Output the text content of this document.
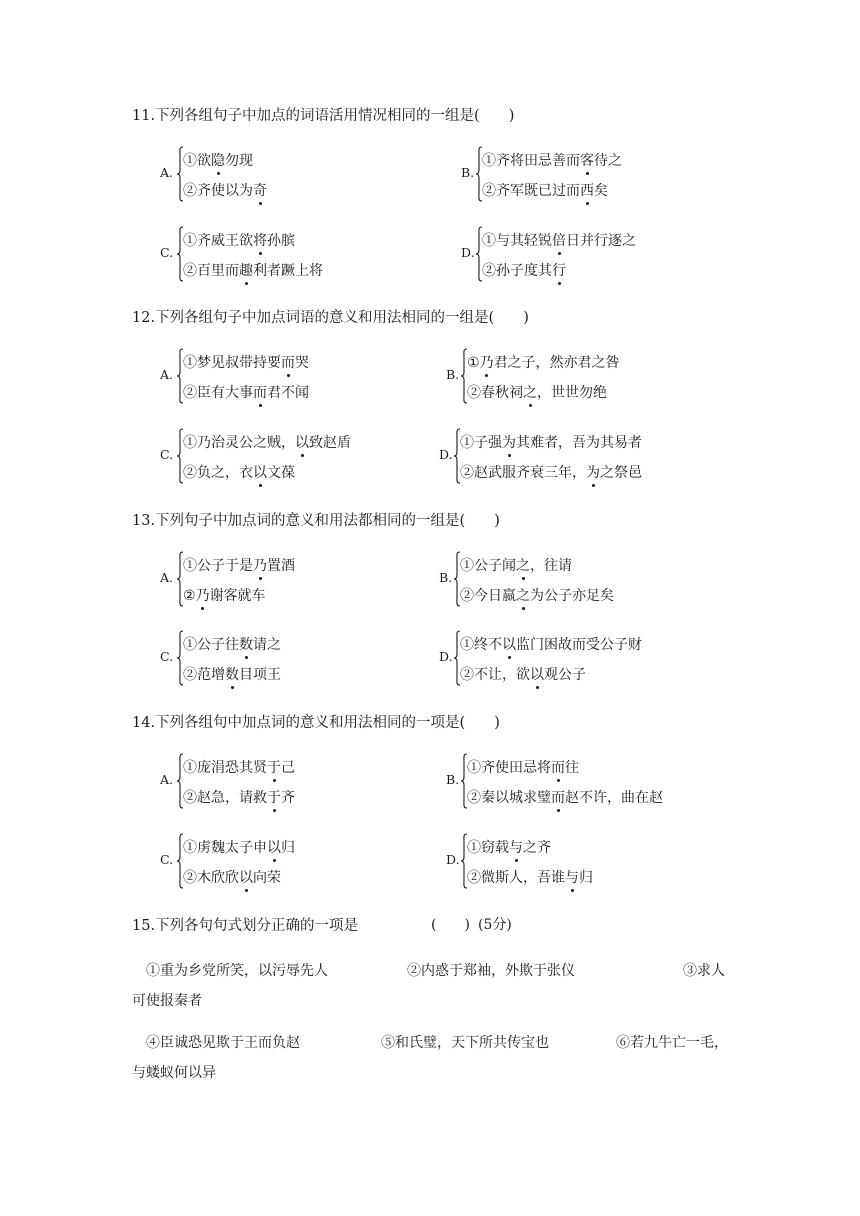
11.下列各组句子中加点的词语活用情况相同的一组是(　　)
A.
①欲隐勿现
②齐使以为奇
B.
①齐将田忌善而客待之
②齐军既已过而西矣
C.
①齐威王欲将孙膑
②百里而趣利者蹶上将
D.
①与其轻锐倍日并行逐之
②孙子度其行
12.下列各组句子中加点词语的意义和用法相同的一组是(　　)
A.
①梦见叔带持要而哭
②臣有大事而君不闻
B.
①乃君之子，然亦君之咎
②春秋祠之，世世勿绝
C.
①乃治灵公之贼，以致赵盾
②负之，衣以文葆
D.
①子强为其难者，吾为其易者
②赵武服齐衰三年，为之祭邑
13.下列句子中加点词的意义和用法都相同的一组是(　　)
A.
①公子于是乃置酒
②乃谢客就车
B.
①公子闻之，往请
②今日嬴之为公子亦足矣
C.
①公子往数请之
②范增数目项王
D.
①终不以监门困故而受公子财
②不让，欲以观公子
14.下列各组句中加点词的意义和用法相同的一项是(　　)
A.
①庞涓恐其贤于己
②赵急，请救于齐
B.
①齐使田忌将而往
②秦以城求璧而赵不许，曲在赵
C.
①虏魏太子申以归
②木欣欣以向荣
D.
①窃载与之齐
②微斯人，吾谁与归
15.下列各句句式划分正确的一项是	(　　) (5分)
①重为乡党所笑，以污辱先人	②内惑于郑袖，外欺于张仪	③求人
可使报秦者
④臣诚恐见欺于王而负赵	⑤和氏璧，天下所共传宝也	⑥若九牛亡一毛，
与蝼蚁何以异
